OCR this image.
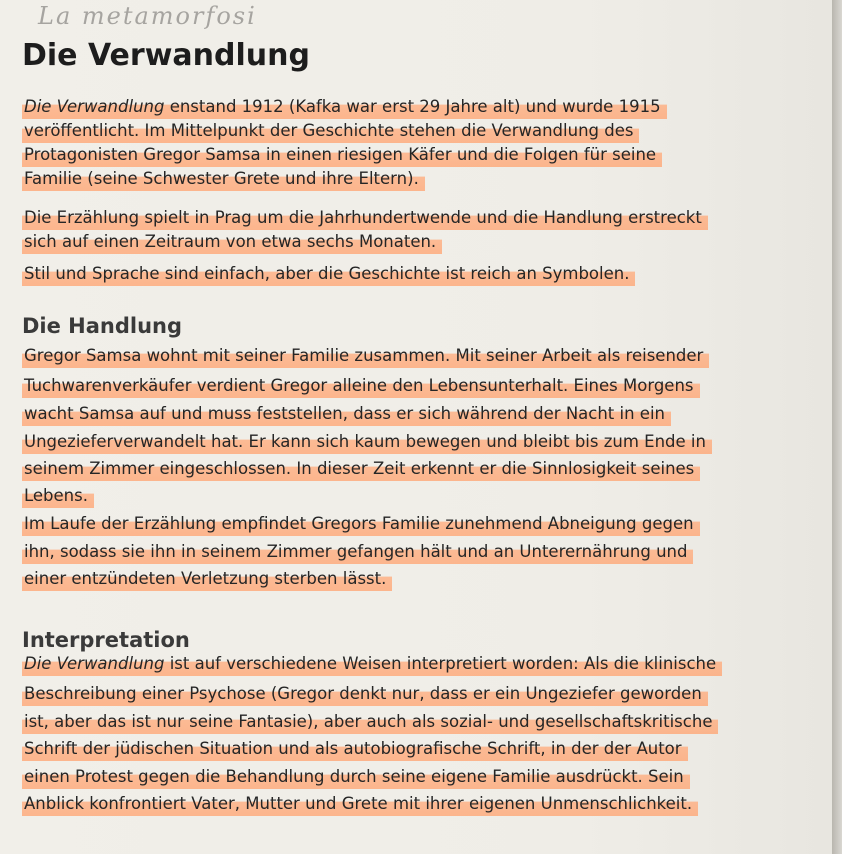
La metamorfosi
Die Verwandlung
Die Verwandlung enstand 1912 (Kafka war erst 29 Jahre alt) und wurde 1915
veröffentlicht. Im Mittelpunkt der Geschichte stehen die Verwandlung des
Protagonisten Gregor Samsa in einen riesigen Käfer und die Folgen für seine
Familie (seine Schwester Grete und ihre Eltern).
Die Erzählung spielt in Prag um die Jahrhundertwende und die Handlung erstreckt
sich auf einen Zeitraum von etwa sechs Monaten.
Stil und Sprache sind einfach, aber die Geschichte ist reich an Symbolen.
Die Handlung
Gregor Samsa wohnt mit seiner Familie zusammen. Mit seiner Arbeit als reisender
Tuchwarenverkäufer verdient Gregor alleine den Lebensunterhalt. Eines Morgens
wacht Samsa auf und muss feststellen, dass er sich während der Nacht in ein
Ungezieferverwandelt hat. Er kann sich kaum bewegen und bleibt bis zum Ende in
seinem Zimmer eingeschlossen. In dieser Zeit erkennt er die Sinnlosigkeit seines
Lebens.
Im Laufe der Erzählung empfindet Gregors Familie zunehmend Abneigung gegen
ihn, sodass sie ihn in seinem Zimmer gefangen hält und an Unterernährung und
einer entzündeten Verletzung sterben lässt.
Interpretation
Die Verwandlung ist auf verschiedene Weisen interpretiert worden: Als die klinische
Beschreibung einer Psychose (Gregor denkt nur, dass er ein Ungeziefer geworden
ist, aber das ist nur seine Fantasie), aber auch als sozial- und gesellschaftskritische
Schrift der jüdischen Situation und als autobiografische Schrift, in der der Autor
einen Protest gegen die Behandlung durch seine eigene Familie ausdrückt. Sein
Anblick konfrontiert Vater, Mutter und Grete mit ihrer eigenen Unmenschlichkeit.
